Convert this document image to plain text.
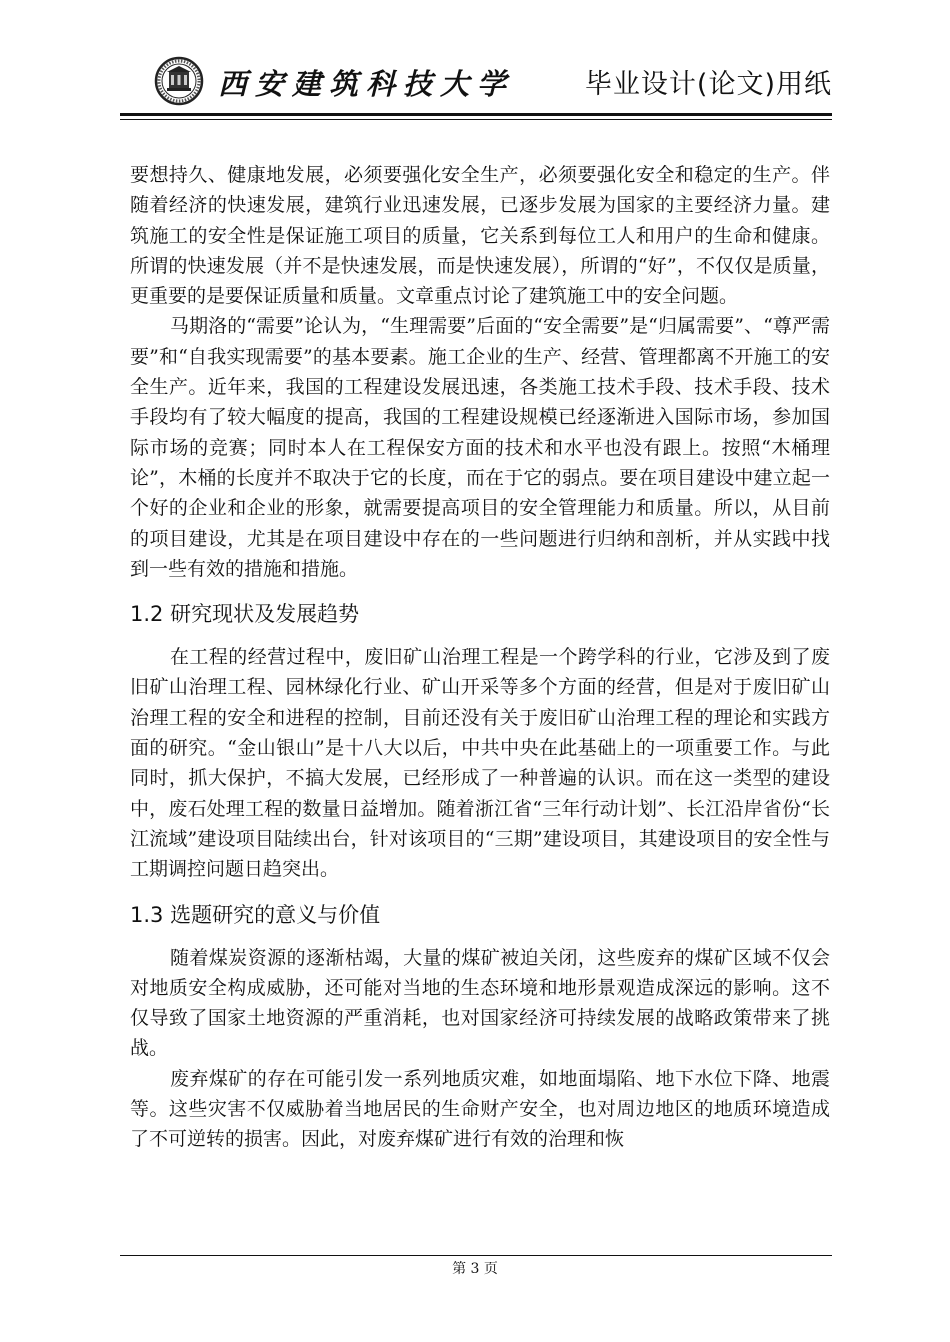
西安建筑科技大学	毕业设计(论文)用纸

要想持久、健康地发展，必须要强化安全生产，必须要强化安全和稳定的生产。伴随着经济的快速发展，建筑行业迅速发展，已逐步发展为国家的主要经济力量。建筑施工的安全性是保证施工项目的质量，它关系到每位工人和用户的生命和健康。所谓的快速发展（并不是快速发展，而是快速发展），所谓的“好”，不仅仅是质量，更重要的是要保证质量和质量。文章重点讨论了建筑施工中的安全问题。

马期洛的“需要”论认为，“生理需要”后面的“安全需要”是“归属需要”、“尊严需要”和“自我实现需要”的基本要素。施工企业的生产、经营、管理都离不开施工的安全生产。近年来，我国的工程建设发展迅速，各类施工技术手段、技术手段、技术手段均有了较大幅度的提高，我国的工程建设规模已经逐渐进入国际市场，参加国际市场的竞赛；同时本人在工程保安方面的技术和水平也没有跟上。按照“木桶理论”，木桶的长度并不取决于它的长度，而在于它的弱点。要在项目建设中建立起一个好的企业和企业的形象，就需要提高项目的安全管理能力和质量。所以，从目前的项目建设，尤其是在项目建设中存在的一些问题进行归纳和剖析，并从实践中找到一些有效的措施和措施。

1.2 研究现状及发展趋势

在工程的经营过程中，废旧矿山治理工程是一个跨学科的行业，它涉及到了废旧矿山治理工程、园林绿化行业、矿山开采等多个方面的经营，但是对于废旧矿山治理工程的安全和进程的控制，目前还没有关于废旧矿山治理工程的理论和实践方面的研究。“金山银山”是十八大以后，中共中央在此基础上的一项重要工作。与此同时，抓大保护，不搞大发展，已经形成了一种普遍的认识。而在这一类型的建设中，废石处理工程的数量日益增加。随着浙江省“三年行动计划”、长江沿岸省份“长江流域”建设项目陆续出台，针对该项目的“三期”建设项目，其建设项目的安全性与工期调控问题日趋突出。

1.3 选题研究的意义与价值

随着煤炭资源的逐渐枯竭，大量的煤矿被迫关闭，这些废弃的煤矿区域不仅会对地质安全构成威胁，还可能对当地的生态环境和地形景观造成深远的影响。这不仅导致了国家土地资源的严重消耗，也对国家经济可持续发展的战略政策带来了挑战。

废弃煤矿的存在可能引发一系列地质灾难，如地面塌陷、地下水位下降、地震等。这些灾害不仅威胁着当地居民的生命财产安全，也对周边地区的地质环境造成了不可逆转的损害。因此，对废弃煤矿进行有效的治理和恢

第 3 页
